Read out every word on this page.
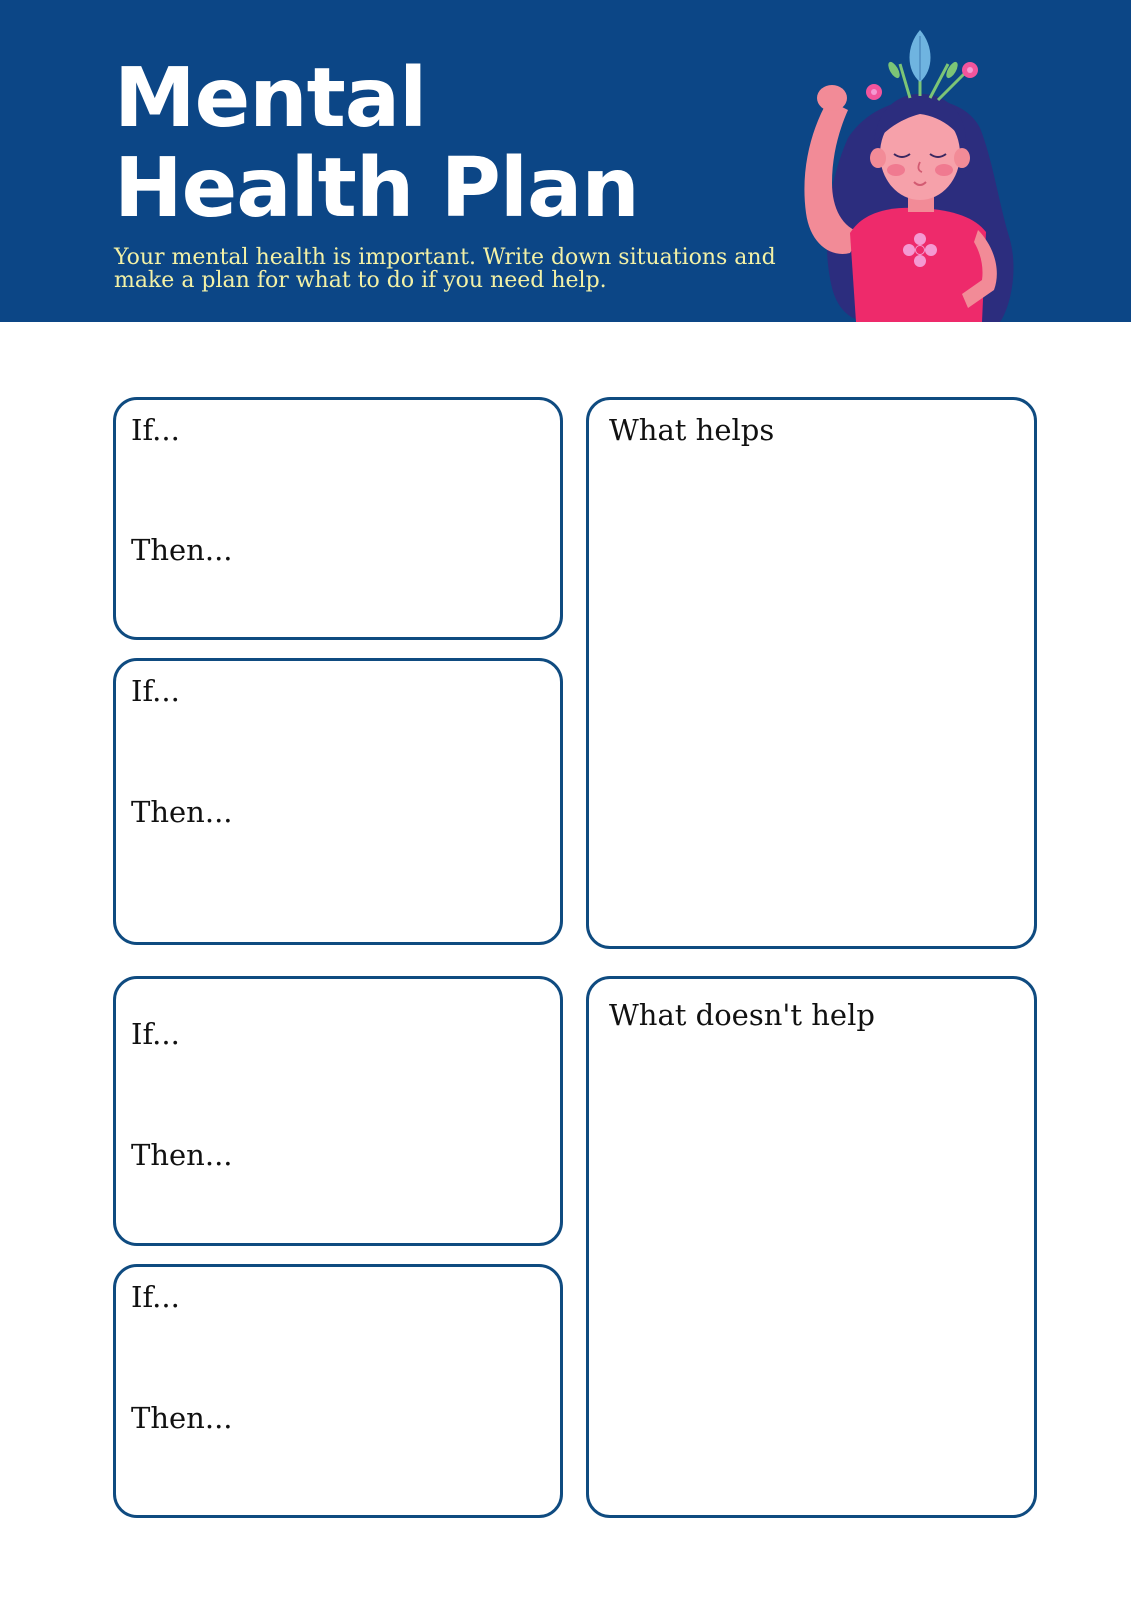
Mental
Health Plan

Your mental health is important. Write down situations and make a plan for what to do if you need help.

If...

Then...

If...

Then...

If...

Then...

If...

Then...

What helps

What doesn't help
